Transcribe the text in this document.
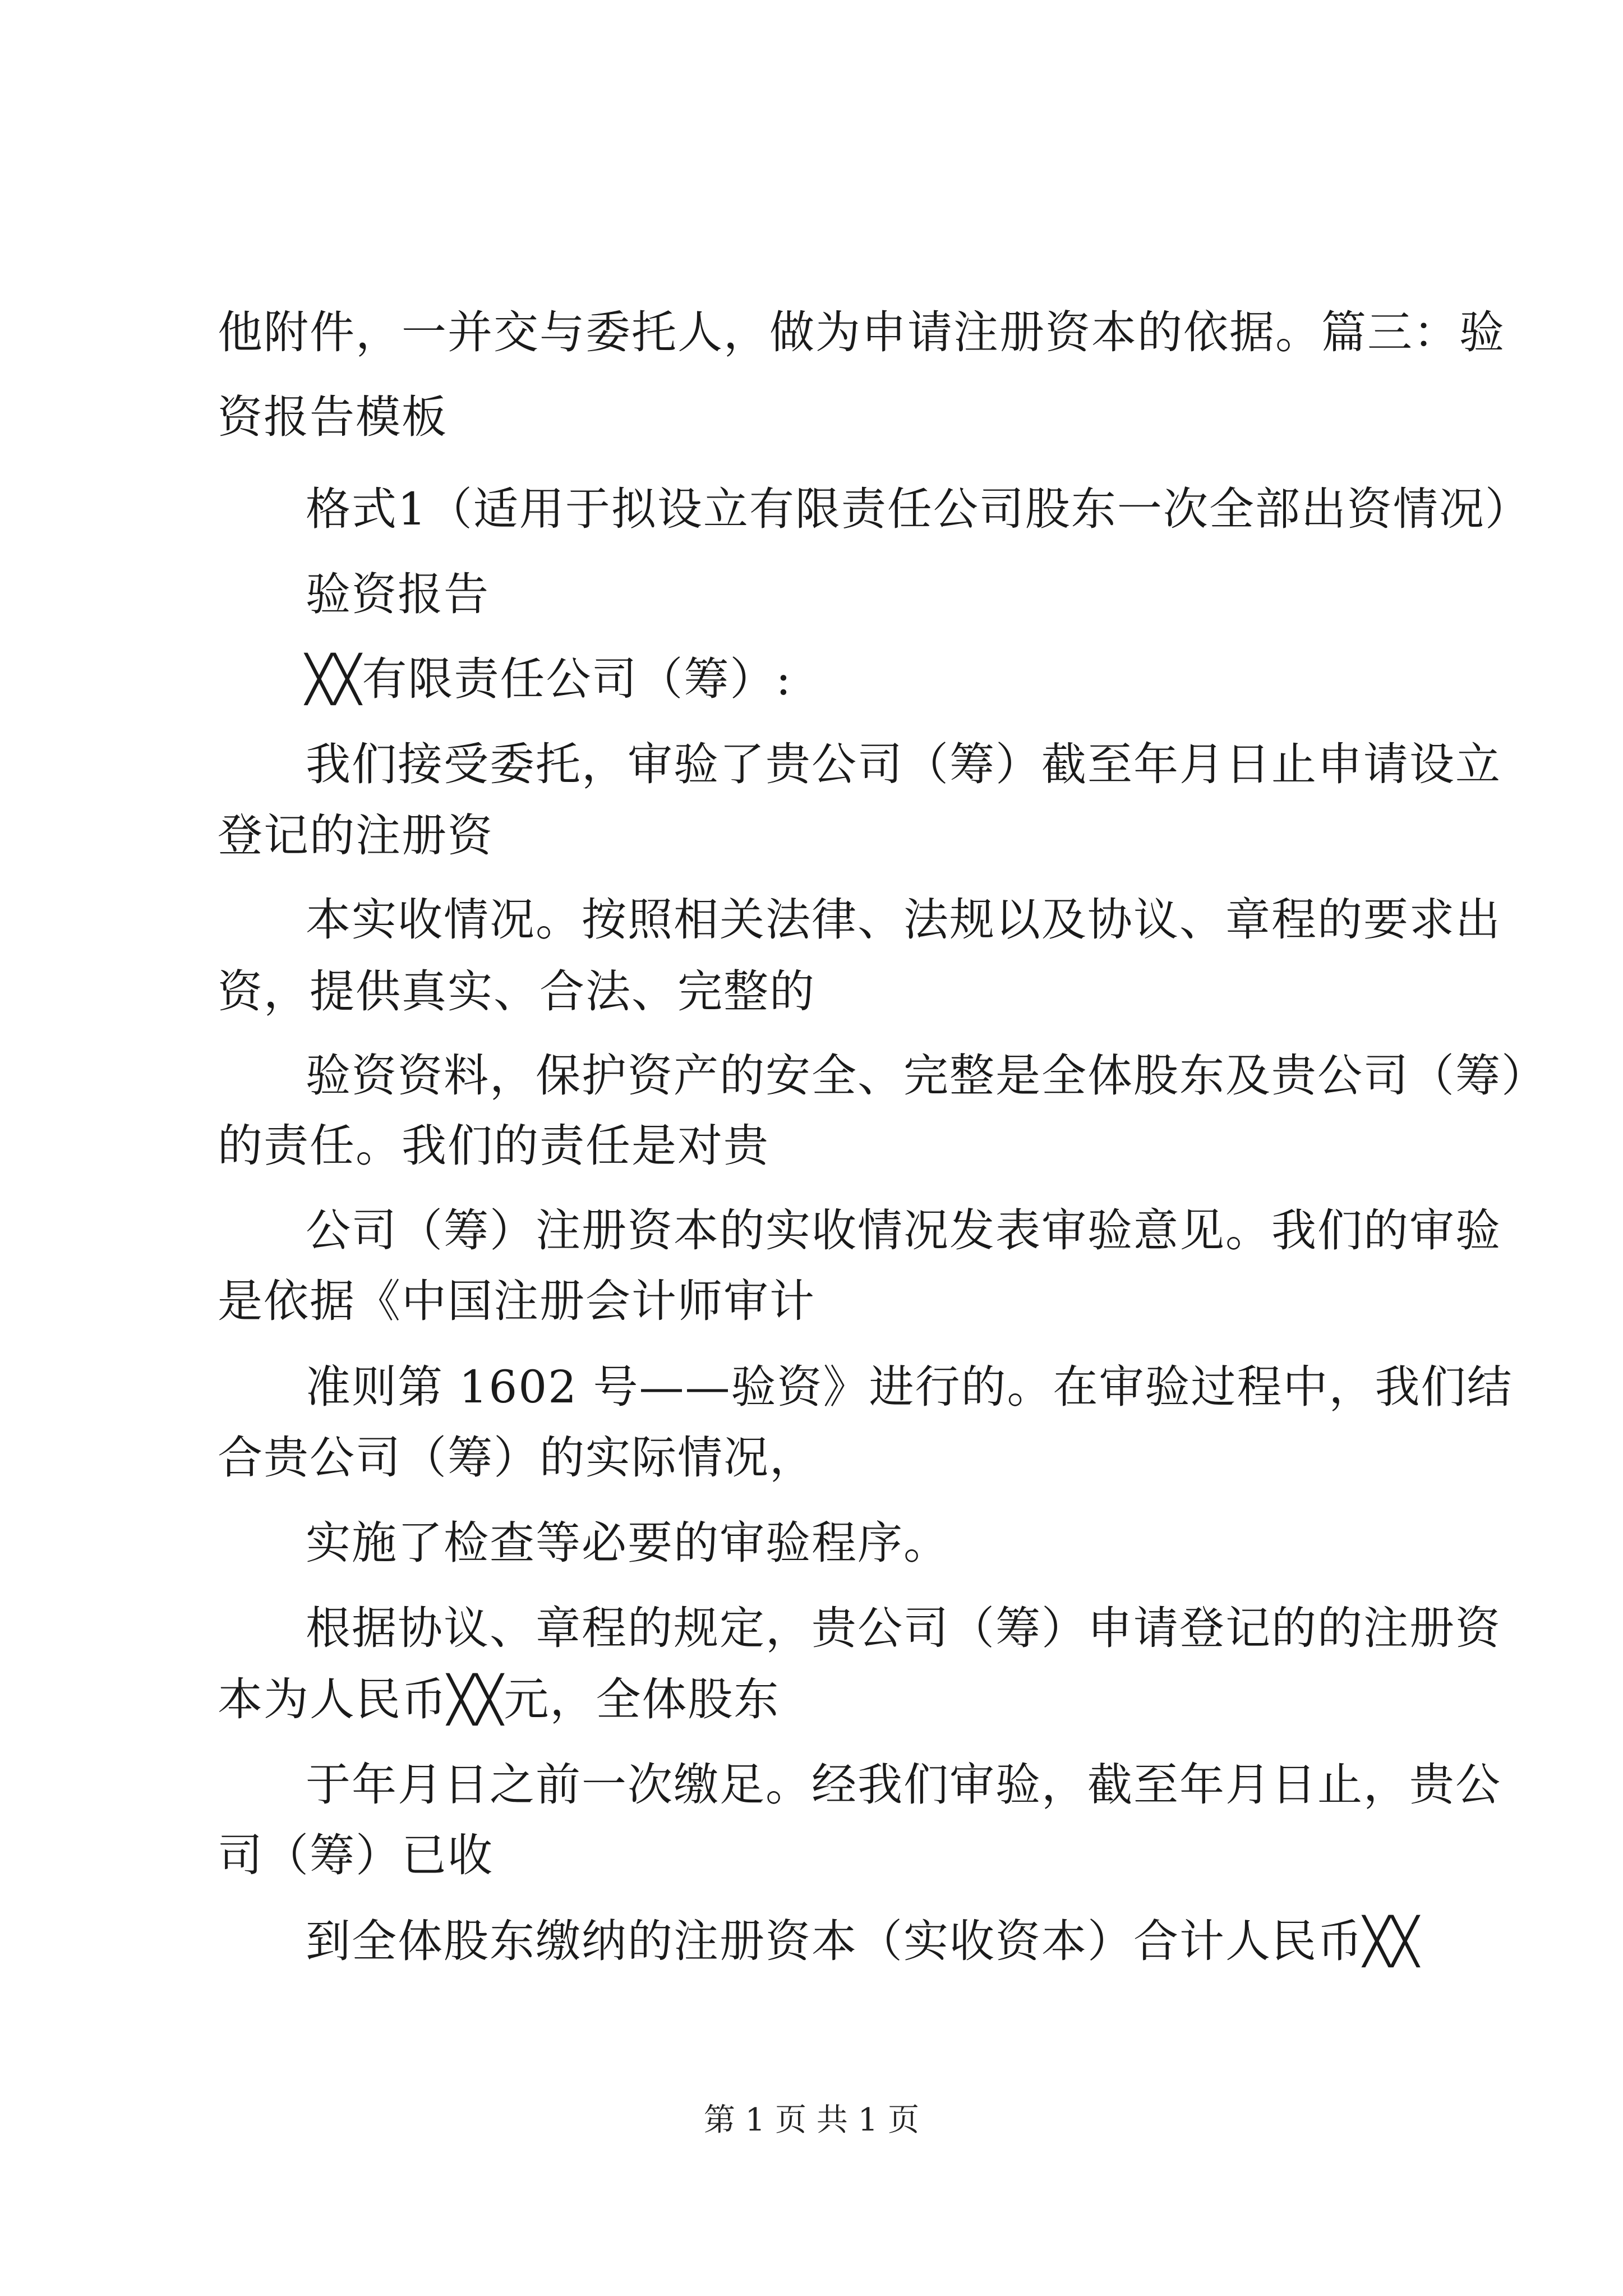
他附件，一并交与委托人，做为申请注册资本的依据。篇三：验
资报告模板
格式1（适用于拟设立有限责任公司股东一次全部出资情况）
验资报告
╳╳有限责任公司（筹）:
我们接受委托，审验了贵公司（筹）截至年月日止申请设立
登记的注册资
本实收情况。按照相关法律、法规以及协议、章程的要求出
资，提供真实、合法、完整的
验资资料，保护资产的安全、完整是全体股东及贵公司（筹）
的责任。我们的责任是对贵
公司（筹）注册资本的实收情况发表审验意见。我们的审验
是依据《中国注册会计师审计
准则第 1602 号——验资》进行的。在审验过程中，我们结
合贵公司（筹）的实际情况，
实施了检查等必要的审验程序。
根据协议、章程的规定，贵公司（筹）申请登记的的注册资
本为人民币╳╳元，全体股东
于年月日之前一次缴足。经我们审验，截至年月日止，贵公
司（筹）已收
到全体股东缴纳的注册资本（实收资本）合计人民币╳╳
第 1 页 共 1 页
